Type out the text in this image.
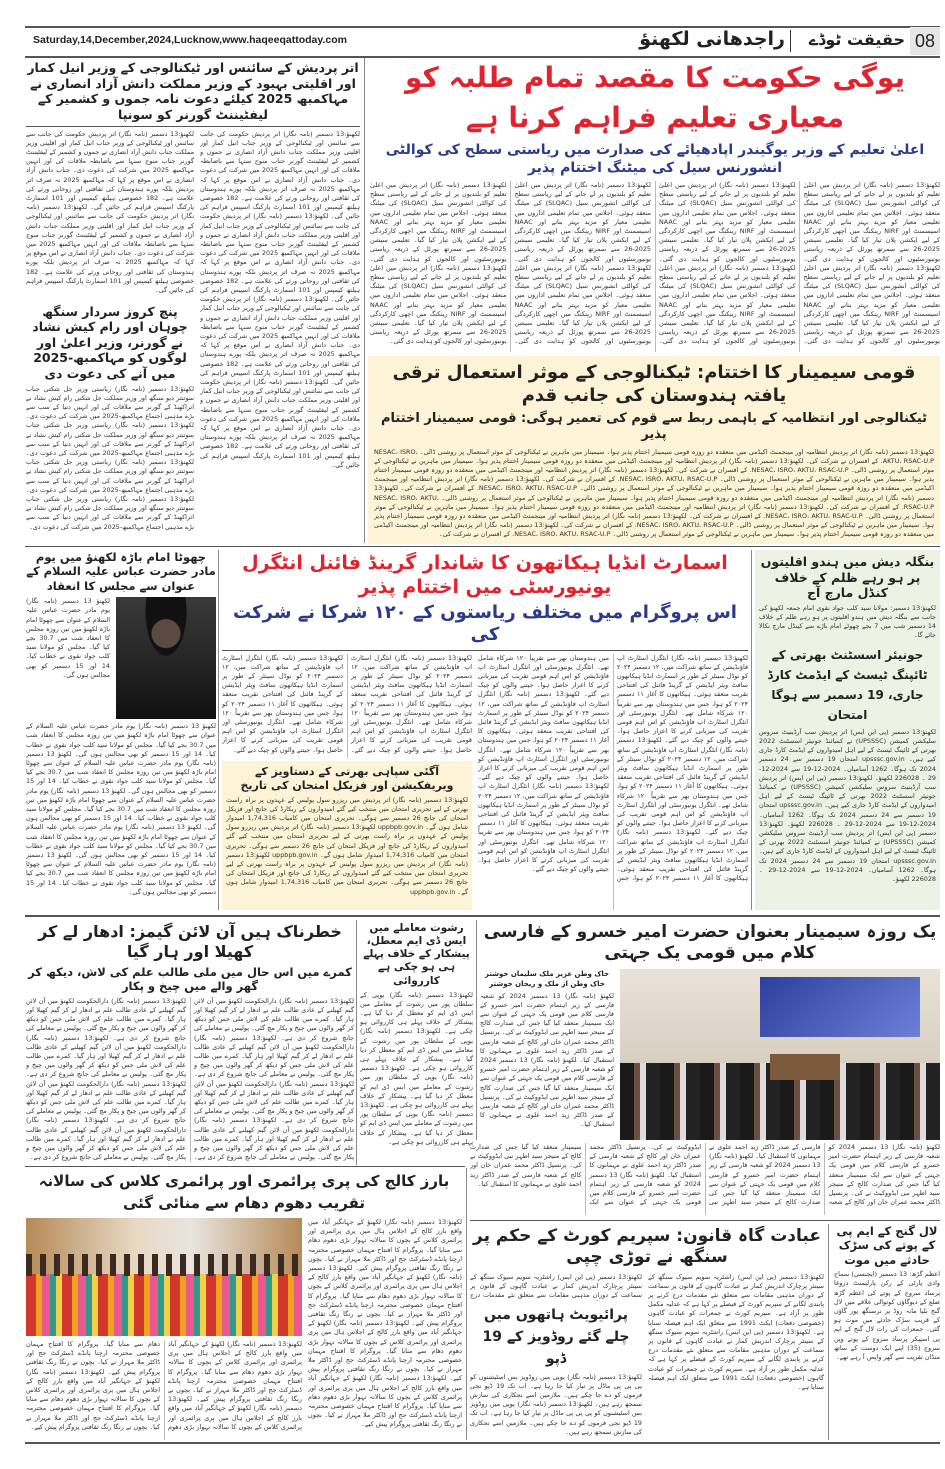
Saturday,14,December,2024,Lucknow,www.haqeeqattoday.com	راجدھانی لکھنؤ	حقیقت ٹوڈے 08
اتر پردیش کے سائنس اور ٹیکنالوجی کے وزیر انیل کمار اور اقلیتی بہبود کے وزیر مملکت دانش آزاد انصاری نے مہاکمبھ 2025 کیلئے دعوت نامہ جموں و کشمیر کے لیفٹیننٹ گورنر کو سونپا
لکھنؤ:13 دسمبر (نامہ نگار) اتر پردیش حکومت کی جانب سے سائنس اور ٹیکنالوجی کے وزیر جناب انیل کمار اور اقلیتی وزیر مملکت جناب دانش آزاد انصاری نے جموں و کشمیر کے لیفٹیننٹ گورنر جناب منوج سنہا سے باضابطہ ملاقات کی اور انہیں مہاکمبھ 2025 میں شرکت کی دعوت دی۔ جناب دانش آزاد انصاری نے اس موقع پر کہا کہ مہاکمبھ 2025 نہ صرف اتر پردیش بلکہ پورے ہندوستان کی ثقافتی اور روحانی ورثے کی علامت ہے۔ 182 خصوصی ہیلتھ کیمپس اور 101 اسمارٹ پارکنگ اسپیس فراہم کی جائیں گی۔ لکھنؤ:13 دسمبر (نامہ نگار) اتر پردیش حکومت کی جانب سے سائنس اور ٹیکنالوجی کے وزیر جناب انیل کمار اور اقلیتی وزیر مملکت جناب دانش آزاد انصاری نے جموں و کشمیر کے لیفٹیننٹ گورنر جناب منوج سنہا سے باضابطہ ملاقات کی اور انہیں مہاکمبھ 2025 میں شرکت کی دعوت دی۔ جناب دانش آزاد انصاری نے اس موقع پر کہا کہ مہاکمبھ 2025 نہ صرف اتر پردیش بلکہ پورے ہندوستان کی ثقافتی اور روحانی ورثے کی علامت ہے۔ 182 خصوصی ہیلتھ کیمپس اور 101 اسمارٹ پارکنگ اسپیس فراہم کی جائیں گی۔ لکھنؤ:13 دسمبر (نامہ نگار) اتر پردیش حکومت کی جانب سے سائنس اور ٹیکنالوجی کے وزیر جناب انیل کمار اور اقلیتی وزیر مملکت جناب دانش آزاد انصاری نے جموں و کشمیر کے لیفٹیننٹ گورنر جناب منوج سنہا سے باضابطہ ملاقات کی اور انہیں مہاکمبھ 2025 میں شرکت کی دعوت دی۔ جناب دانش آزاد انصاری نے اس موقع پر کہا کہ مہاکمبھ 2025 نہ صرف اتر پردیش بلکہ پورے ہندوستان کی ثقافتی اور روحانی ورثے کی علامت ہے۔ 182 خصوصی ہیلتھ کیمپس اور 101 اسمارٹ پارکنگ اسپیس فراہم کی جائیں گی۔ لکھنؤ:13 دسمبر (نامہ نگار) اتر پردیش حکومت کی جانب سے سائنس اور ٹیکنالوجی کے وزیر جناب انیل کمار اور اقلیتی وزیر مملکت جناب دانش آزاد انصاری نے جموں و کشمیر کے لیفٹیننٹ گورنر جناب منوج سنہا سے باضابطہ ملاقات کی اور انہیں مہاکمبھ 2025 میں شرکت کی دعوت دی۔ جناب دانش آزاد انصاری نے اس موقع پر کہا کہ مہاکمبھ 2025 نہ صرف اتر پردیش بلکہ پورے ہندوستان کی ثقافتی اور روحانی ورثے کی علامت ہے۔ 182 خصوصی ہیلتھ کیمپس اور 101 اسمارٹ پارکنگ اسپیس فراہم کی جائیں گی۔
لکھنؤ:13 دسمبر (نامہ نگار) اتر پردیش حکومت کی جانب سے سائنس اور ٹیکنالوجی کے وزیر جناب انیل کمار اور اقلیتی وزیر مملکت جناب دانش آزاد انصاری نے جموں و کشمیر کے لیفٹیننٹ گورنر جناب منوج سنہا سے باضابطہ ملاقات کی اور انہیں مہاکمبھ 2025 میں شرکت کی دعوت دی۔ جناب دانش آزاد انصاری نے اس موقع پر کہا کہ مہاکمبھ 2025 نہ صرف اتر پردیش بلکہ پورے ہندوستان کی ثقافتی اور روحانی ورثے کی علامت ہے۔ 182 خصوصی ہیلتھ کیمپس اور 101 اسمارٹ پارکنگ اسپیس فراہم کی جائیں گی۔ لکھنؤ:13 دسمبر (نامہ نگار) اتر پردیش حکومت کی جانب سے سائنس اور ٹیکنالوجی کے وزیر جناب انیل کمار اور اقلیتی وزیر مملکت جناب دانش آزاد انصاری نے جموں و کشمیر کے لیفٹیننٹ گورنر جناب منوج سنہا سے باضابطہ ملاقات کی اور انہیں مہاکمبھ 2025 میں شرکت کی دعوت دی۔ جناب دانش آزاد انصاری نے اس موقع پر کہا کہ مہاکمبھ 2025 نہ صرف اتر پردیش بلکہ پورے ہندوستان کی ثقافتی اور روحانی ورثے کی علامت ہے۔ 182 خصوصی ہیلتھ کیمپس اور 101 اسمارٹ پارکنگ اسپیس فراہم کی جائیں گی۔
پنچ کروز سردار سنگھ چوہان اور رام کیش نشاد نے گورنر، وزیر اعلیٰ اور لوگوں کو مہاکمبھ-2025 میں آنے کی دعوت دی
لکھنؤ:13 دسمبر (نامہ نگار) ریاستی وزیر جل شکتی جناب سوتنتر دیو سنگھ اور وزیر مملکت جل شکتی رام کیش نشاد نے اتراکھنڈ کے گورنر سے ملاقات کی اور انہیں دنیا کے سب سے بڑے مذہبی اجتماع مہاکمبھ-2025 میں شرکت کی دعوت دی۔ لکھنؤ:13 دسمبر (نامہ نگار) ریاستی وزیر جل شکتی جناب سوتنتر دیو سنگھ اور وزیر مملکت جل شکتی رام کیش نشاد نے اتراکھنڈ کے گورنر سے ملاقات کی اور انہیں دنیا کے سب سے بڑے مذہبی اجتماع مہاکمبھ-2025 میں شرکت کی دعوت دی۔ لکھنؤ:13 دسمبر (نامہ نگار) ریاستی وزیر جل شکتی جناب سوتنتر دیو سنگھ اور وزیر مملکت جل شکتی رام کیش نشاد نے اتراکھنڈ کے گورنر سے ملاقات کی اور انہیں دنیا کے سب سے بڑے مذہبی اجتماع مہاکمبھ-2025 میں شرکت کی دعوت دی۔ لکھنؤ:13 دسمبر (نامہ نگار) ریاستی وزیر جل شکتی جناب سوتنتر دیو سنگھ اور وزیر مملکت جل شکتی رام کیش نشاد نے اتراکھنڈ کے گورنر سے ملاقات کی اور انہیں دنیا کے سب سے بڑے مذہبی اجتماع مہاکمبھ-2025 میں شرکت کی دعوت دی۔
یوگی حکومت کا مقصد تمام طلبہ کو معیاری تعلیم فراہم کرنا ہے
اعلیٰ تعلیم کے وزیر یوگیندر اپادھیائے کی صدارت میں ریاستی سطح کی کوالٹی انشورنس سیل کی میٹنگ اختتام پذیر
لکھنؤ:13 دسمبر (نامہ نگار) اتر پردیش میں اعلیٰ تعلیم کو بلندیوں پر لے جانے کے لیے ریاستی سطح کی کوالٹی انشورنس سیل (SLQAC) کی میٹنگ منعقد ہوئی۔ اجلاس میں تمام تعلیمی اداروں میں تعلیمی معیار کو مزید بہتر بنانے اور NAAC اسیسمنٹ اور NIRF رینکنگ میں اچھی کارکردگی کے لیے ایکشن پلان تیار کیا گیا۔ تعلیمی سیشن 2025-26 سے سمرتھ پورٹل کے ذریعہ ریاستی یونیورسٹیوں اور کالجوں کو ہدایت دی گئی۔ لکھنؤ:13 دسمبر (نامہ نگار) اتر پردیش میں اعلیٰ تعلیم کو بلندیوں پر لے جانے کے لیے ریاستی سطح کی کوالٹی انشورنس سیل (SLQAC) کی میٹنگ منعقد ہوئی۔ اجلاس میں تمام تعلیمی اداروں میں تعلیمی معیار کو مزید بہتر بنانے اور NAAC اسیسمنٹ اور NIRF رینکنگ میں اچھی کارکردگی کے لیے ایکشن پلان تیار کیا گیا۔ تعلیمی سیشن 2025-26 سے سمرتھ پورٹل کے ذریعہ ریاستی یونیورسٹیوں اور کالجوں کو ہدایت دی گئی۔ لکھنؤ:13 دسمبر (نامہ نگار) اتر پردیش میں اعلیٰ تعلیم کو بلندیوں پر لے جانے کے لیے ریاستی سطح کی کوالٹی انشورنس سیل (SLQAC) کی میٹنگ منعقد ہوئی۔ اجلاس میں تمام تعلیمی اداروں میں تعلیمی معیار کو مزید بہتر بنانے اور NAAC اسیسمنٹ اور NIRF رینکنگ میں اچھی کارکردگی کے لیے ایکشن پلان تیار کیا گیا۔ تعلیمی سیشن 2025-26 سے سمرتھ پورٹل کے ذریعہ ریاستی یونیورسٹیوں اور کالجوں کو ہدایت دی گئی۔ لکھنؤ:13 دسمبر (نامہ نگار) اتر پردیش میں اعلیٰ تعلیم کو بلندیوں پر لے جانے کے لیے ریاستی سطح کی کوالٹی انشورنس سیل (SLQAC) کی میٹنگ منعقد ہوئی۔ اجلاس میں تمام تعلیمی اداروں میں تعلیمی معیار کو مزید بہتر بنانے اور NAAC اسیسمنٹ اور NIRF رینکنگ میں اچھی کارکردگی کے لیے ایکشن پلان تیار کیا گیا۔ تعلیمی سیشن 2025-26 سے سمرتھ پورٹل کے ذریعہ ریاستی یونیورسٹیوں اور کالجوں کو ہدایت دی گئی۔ لکھنؤ:13 دسمبر (نامہ نگار) اتر پردیش میں اعلیٰ تعلیم کو بلندیوں پر لے جانے کے لیے ریاستی سطح کی کوالٹی انشورنس سیل (SLQAC) کی میٹنگ منعقد ہوئی۔ اجلاس میں تمام تعلیمی اداروں میں تعلیمی معیار کو مزید بہتر بنانے اور NAAC اسیسمنٹ اور NIRF رینکنگ میں اچھی کارکردگی کے لیے ایکشن پلان تیار کیا گیا۔ تعلیمی سیشن 2025-26 سے سمرتھ پورٹل کے ذریعہ ریاستی یونیورسٹیوں اور کالجوں کو ہدایت دی گئی۔ لکھنؤ:13 دسمبر (نامہ نگار) اتر پردیش میں اعلیٰ تعلیم کو بلندیوں پر لے جانے کے لیے ریاستی سطح کی کوالٹی انشورنس سیل (SLQAC) کی میٹنگ منعقد ہوئی۔ اجلاس میں تمام تعلیمی اداروں میں تعلیمی معیار کو مزید بہتر بنانے اور NAAC اسیسمنٹ اور NIRF رینکنگ میں اچھی کارکردگی کے لیے ایکشن پلان تیار کیا گیا۔ تعلیمی سیشن 2025-26 سے سمرتھ پورٹل کے ذریعہ ریاستی یونیورسٹیوں اور کالجوں کو ہدایت دی گئی۔ لکھنؤ:13 دسمبر (نامہ نگار) اتر پردیش میں اعلیٰ تعلیم کو بلندیوں پر لے جانے کے لیے ریاستی سطح کی کوالٹی انشورنس سیل (SLQAC) کی میٹنگ منعقد ہوئی۔ اجلاس میں تمام تعلیمی اداروں میں تعلیمی معیار کو مزید بہتر بنانے اور NAAC اسیسمنٹ اور NIRF رینکنگ میں اچھی کارکردگی کے لیے ایکشن پلان تیار کیا گیا۔ تعلیمی سیشن 2025-26 سے سمرتھ پورٹل کے ذریعہ ریاستی یونیورسٹیوں اور کالجوں کو ہدایت دی گئی۔ لکھنؤ:13 دسمبر (نامہ نگار) اتر پردیش میں اعلیٰ تعلیم کو بلندیوں پر لے جانے کے لیے ریاستی سطح کی کوالٹی انشورنس سیل (SLQAC) کی میٹنگ منعقد ہوئی۔ اجلاس میں تمام تعلیمی اداروں میں تعلیمی معیار کو مزید بہتر بنانے اور NAAC اسیسمنٹ اور NIRF رینکنگ میں اچھی کارکردگی کے لیے ایکشن پلان تیار کیا گیا۔ تعلیمی سیشن 2025-26 سے سمرتھ پورٹل کے ذریعہ ریاستی یونیورسٹیوں اور کالجوں کو ہدایت دی گئی۔
قومی سیمینار کا اختتام: ٹیکنالوجی کے موثر استعمال ترقی یافتہ ہندوستان کی جانب قدم
ٹیکنالوجی اور انتظامیہ کے باہمی ربط سے قوم کی تعمیر ہوگی: قومی سیمینار اختتام پذیر
لکھنؤ:13 دسمبر (نامہ نگار) اتر پردیش انتظامیہ اور مینجمنٹ اکیڈمی میں منعقدہ دو روزہ قومی سیمینار اختتام پذیر ہوا۔ سیمینار میں ماہرین نے ٹیکنالوجی کے موثر استعمال پر روشنی ڈالی۔ NESAC، ISRO، AKTU، RSAC-U.P. کے افسران نے شرکت کی۔ لکھنؤ:13 دسمبر (نامہ نگار) اتر پردیش انتظامیہ اور مینجمنٹ اکیڈمی میں منعقدہ دو روزہ قومی سیمینار اختتام پذیر ہوا۔ سیمینار میں ماہرین نے ٹیکنالوجی کے موثر استعمال پر روشنی ڈالی۔ NESAC، ISRO، AKTU، RSAC-U.P. کے افسران نے شرکت کی۔ لکھنؤ:13 دسمبر (نامہ نگار) اتر پردیش انتظامیہ اور مینجمنٹ اکیڈمی میں منعقدہ دو روزہ قومی سیمینار اختتام پذیر ہوا۔ سیمینار میں ماہرین نے ٹیکنالوجی کے موثر استعمال پر روشنی ڈالی۔ NESAC، ISRO، AKTU، RSAC-U.P. کے افسران نے شرکت کی۔ لکھنؤ:13 دسمبر (نامہ نگار) اتر پردیش انتظامیہ اور مینجمنٹ اکیڈمی میں منعقدہ دو روزہ قومی سیمینار اختتام پذیر ہوا۔ سیمینار میں ماہرین نے ٹیکنالوجی کے موثر استعمال پر روشنی ڈالی۔ NESAC، ISRO، AKTU، RSAC-U.P. کے افسران نے شرکت کی۔ لکھنؤ:13 دسمبر (نامہ نگار) اتر پردیش انتظامیہ اور مینجمنٹ اکیڈمی میں منعقدہ دو روزہ قومی سیمینار اختتام پذیر ہوا۔ سیمینار میں ماہرین نے ٹیکنالوجی کے موثر استعمال پر روشنی ڈالی۔ NESAC، ISRO، AKTU، RSAC-U.P. کے افسران نے شرکت کی۔ لکھنؤ:13 دسمبر (نامہ نگار) اتر پردیش انتظامیہ اور مینجمنٹ اکیڈمی میں منعقدہ دو روزہ قومی سیمینار اختتام پذیر ہوا۔ سیمینار میں ماہرین نے ٹیکنالوجی کے موثر استعمال پر روشنی ڈالی۔ NESAC، ISRO، AKTU، RSAC-U.P. کے افسران نے شرکت کی۔ لکھنؤ:13 دسمبر (نامہ نگار) اتر پردیش انتظامیہ اور مینجمنٹ اکیڈمی میں منعقدہ دو روزہ قومی سیمینار اختتام پذیر ہوا۔ سیمینار میں ماہرین نے ٹیکنالوجی کے موثر استعمال پر روشنی ڈالی۔ NESAC، ISRO، AKTU، RSAC-U.P. کے افسران نے شرکت کی۔ لکھنؤ:13 دسمبر (نامہ نگار) اتر پردیش انتظامیہ اور مینجمنٹ اکیڈمی میں منعقدہ دو روزہ قومی سیمینار اختتام پذیر ہوا۔ سیمینار میں ماہرین نے ٹیکنالوجی کے موثر استعمال پر روشنی ڈالی۔ NESAC، ISRO، AKTU، RSAC-U.P. کے افسران نے شرکت کی۔
بنگلہ دیش میں ہندو اقلیتوں پر ہو رہے ظلم کے خلاف کنڈل مارچ آج
لکھنؤ:13 دسمبر: مولانا سید کلب جواد نقوی امام جمعہ لکھنؤ کی جانب سے بنگلہ دیش میں ہندو اقلیتوں پر ہو رہے ظلم کے خلاف 14 دسمبر شب میں 7 بجے چھوٹے امام باڑے سے کینڈل مارچ نکالا جائے گا۔
جونیئر اسسٹنٹ بھرتی کے ٹائپنگ ٹیسٹ کے ایڈمٹ کارڈ جاری، 19 دسمبر سے ہوگا امتحان
لکھنؤ:13 دسمبر (پی این ایس) اتر پردیش سب آرڈینیٹ سروس سلیکشن کمیشن (UPSSSC) نے کمبائنڈ جونیئر اسسٹنٹ 2022 بھرتی کے ٹائپنگ ٹیسٹ کے لیے اہل امیدواروں کے ایڈمٹ کارڈ جاری کیے ہیں۔ upsssc.gov.in امتحان 19 دسمبر سے 24 دسمبر 2024 تک ہوگا۔ 1262 آسامیاں۔ 2024-12-19 سے 2024-12-29 ۔ 226028 لکھنؤ۔ لکھنؤ:13 دسمبر (پی این ایس) اتر پردیش سب آرڈینیٹ سروس سلیکشن کمیشن (UPSSSC) نے کمبائنڈ جونیئر اسسٹنٹ 2022 بھرتی کے ٹائپنگ ٹیسٹ کے لیے اہل امیدواروں کے ایڈمٹ کارڈ جاری کیے ہیں۔ upsssc.gov.in امتحان 19 دسمبر سے 24 دسمبر 2024 تک ہوگا۔ 1262 آسامیاں۔ 2024-12-19 سے 2024-12-29 ۔ 226028 لکھنؤ۔ لکھنؤ:13 دسمبر (پی این ایس) اتر پردیش سب آرڈینیٹ سروس سلیکشن کمیشن (UPSSSC) نے کمبائنڈ جونیئر اسسٹنٹ 2022 بھرتی کے ٹائپنگ ٹیسٹ کے لیے اہل امیدواروں کے ایڈمٹ کارڈ جاری کیے ہیں۔ upsssc.gov.in امتحان 19 دسمبر سے 24 دسمبر 2024 تک ہوگا۔ 1262 آسامیاں۔ 2024-12-19 سے 2024-12-29 ۔ 226028 لکھنؤ۔
چھوٹا امام باڑہ لکھنؤ میں یوم مادر حضرت عباس علیہ السلام کے عنوان سے مجلس کا انعقاد
لکھنؤ 13 دسمبر (نامہ نگار) یوم مادر حضرت عباس علیہ السلام کے عنوان سے چھوٹا امام باڑہ لکھنؤ میں تین روزہ مجلس کا انعقاد شب میں 30.7 بجے کیا گیا۔ مجلس کو مولانا سید کلب جواد نقوی نے خطاب کیا۔ 14 اور 15 دسمبر کو بھی مجالس ہوں گی۔
لکھنؤ 13 دسمبر (نامہ نگار) یوم مادر حضرت عباس علیہ السلام کے عنوان سے چھوٹا امام باڑہ لکھنؤ میں تین روزہ مجلس کا انعقاد شب میں 30.7 بجے کیا گیا۔ مجلس کو مولانا سید کلب جواد نقوی نے خطاب کیا۔ 14 اور 15 دسمبر کو بھی مجالس ہوں گی۔ لکھنؤ 13 دسمبر (نامہ نگار) یوم مادر حضرت عباس علیہ السلام کے عنوان سے چھوٹا امام باڑہ لکھنؤ میں تین روزہ مجلس کا انعقاد شب میں 30.7 بجے کیا گیا۔ مجلس کو مولانا سید کلب جواد نقوی نے خطاب کیا۔ 14 اور 15 دسمبر کو بھی مجالس ہوں گی۔ لکھنؤ 13 دسمبر (نامہ نگار) یوم مادر حضرت عباس علیہ السلام کے عنوان سے چھوٹا امام باڑہ لکھنؤ میں تین روزہ مجلس کا انعقاد شب میں 30.7 بجے کیا گیا۔ مجلس کو مولانا سید کلب جواد نقوی نے خطاب کیا۔ 14 اور 15 دسمبر کو بھی مجالس ہوں گی۔ لکھنؤ 13 دسمبر (نامہ نگار) یوم مادر حضرت عباس علیہ السلام کے عنوان سے چھوٹا امام باڑہ لکھنؤ میں تین روزہ مجلس کا انعقاد شب میں 30.7 بجے کیا گیا۔ مجلس کو مولانا سید کلب جواد نقوی نے خطاب کیا۔ 14 اور 15 دسمبر کو بھی مجالس ہوں گی۔ لکھنؤ 13 دسمبر (نامہ نگار) یوم مادر حضرت عباس علیہ السلام کے عنوان سے چھوٹا امام باڑہ لکھنؤ میں تین روزہ مجلس کا انعقاد شب میں 30.7 بجے کیا گیا۔ مجلس کو مولانا سید کلب جواد نقوی نے خطاب کیا۔ 14 اور 15 دسمبر کو بھی مجالس ہوں گی۔
اسمارٹ انڈیا ہیکاتھون کا شاندار گرینڈ فائنل انٹگرل یونیورسٹی میں اختتام پذیر
اس پروگرام میں مختلف ریاستوں کے ۱۲۰ شرکا نے شرکت کی
لکھنؤ:13 دسمبر (نامہ نگار) انٹگرل اسٹارٹ اپ فاؤنڈیشن کے ساتھ شراکت میں، ۱۲ دسمبر ۲۰۲۴ کو نوڈل سینٹر کے طور پر اسمارٹ انڈیا ہیکاتھون سافٹ ویئر ایڈیشن کے گرینڈ فائنل کی افتتاحی تقریب منعقد ہوئی۔ ہیکاتھون کا آغاز ۱۱ دسمبر ۲۰۲۴ کو ہوا، جس میں ہندوستان بھر سے تقریباً ۱۲۰ شرکاء شامل تھے۔ انٹگرل یونیورسٹی اور انٹگرل اسٹارٹ اپ فاؤنڈیشن کو اس اہم قومی تقریب کی میزبانی کرنے کا اعزاز حاصل ہوا۔ جیتنے والوں کو چیک دیے گئے۔ لکھنؤ:13 دسمبر (نامہ نگار) انٹگرل اسٹارٹ اپ فاؤنڈیشن کے ساتھ شراکت میں، ۱۲ دسمبر ۲۰۲۴ کو نوڈل سینٹر کے طور پر اسمارٹ انڈیا ہیکاتھون سافٹ ویئر ایڈیشن کے گرینڈ فائنل کی افتتاحی تقریب منعقد ہوئی۔ ہیکاتھون کا آغاز ۱۱ دسمبر ۲۰۲۴ کو ہوا، جس میں ہندوستان بھر سے تقریباً ۱۲۰ شرکاء شامل تھے۔ انٹگرل یونیورسٹی اور انٹگرل اسٹارٹ اپ فاؤنڈیشن کو اس اہم قومی تقریب کی میزبانی کرنے کا اعزاز حاصل ہوا۔ جیتنے والوں کو چیک دیے گئے۔ لکھنؤ:13 دسمبر (نامہ نگار) انٹگرل اسٹارٹ اپ فاؤنڈیشن کے ساتھ شراکت میں، ۱۲ دسمبر ۲۰۲۴ کو نوڈل سینٹر کے طور پر اسمارٹ انڈیا ہیکاتھون سافٹ ویئر ایڈیشن کے گرینڈ فائنل کی افتتاحی تقریب منعقد ہوئی۔ ہیکاتھون کا آغاز ۱۱ دسمبر ۲۰۲۴ کو ہوا، جس میں ہندوستان بھر سے تقریباً ۱۲۰ شرکاء شامل تھے۔ انٹگرل یونیورسٹی اور انٹگرل اسٹارٹ اپ فاؤنڈیشن کو اس اہم قومی تقریب کی میزبانی کرنے کا اعزاز حاصل ہوا۔ جیتنے والوں کو چیک دیے گئے۔ لکھنؤ:13 دسمبر (نامہ نگار) انٹگرل اسٹارٹ اپ فاؤنڈیشن کے ساتھ شراکت میں، ۱۲ دسمبر ۲۰۲۴ کو نوڈل سینٹر کے طور پر اسمارٹ انڈیا ہیکاتھون سافٹ ویئر ایڈیشن کے گرینڈ فائنل کی افتتاحی تقریب منعقد ہوئی۔ ہیکاتھون کا آغاز ۱۱ دسمبر ۲۰۲۴ کو ہوا، جس میں ہندوستان بھر سے تقریباً ۱۲۰ شرکاء شامل تھے۔ انٹگرل یونیورسٹی اور انٹگرل اسٹارٹ اپ فاؤنڈیشن کو اس اہم قومی تقریب کی میزبانی کرنے کا اعزاز حاصل ہوا۔ جیتنے والوں کو چیک دیے گئے۔ لکھنؤ:13 دسمبر (نامہ نگار) انٹگرل اسٹارٹ اپ فاؤنڈیشن کے ساتھ شراکت میں، ۱۲ دسمبر ۲۰۲۴ کو نوڈل سینٹر کے طور پر اسمارٹ انڈیا ہیکاتھون سافٹ ویئر ایڈیشن کے گرینڈ فائنل کی افتتاحی تقریب منعقد ہوئی۔ ہیکاتھون کا آغاز ۱۱ دسمبر ۲۰۲۴ کو ہوا، جس میں ہندوستان بھر سے تقریباً ۱۲۰ شرکاء شامل تھے۔ انٹگرل یونیورسٹی اور انٹگرل اسٹارٹ اپ فاؤنڈیشن کو اس اہم قومی تقریب کی میزبانی کرنے کا اعزاز حاصل ہوا۔ جیتنے والوں کو چیک دیے گئے۔
لکھنؤ:13 دسمبر (نامہ نگار) انٹگرل اسٹارٹ اپ فاؤنڈیشن کے ساتھ شراکت میں، ۱۲ دسمبر ۲۰۲۴ کو نوڈل سینٹر کے طور پر اسمارٹ انڈیا ہیکاتھون سافٹ ویئر ایڈیشن کے گرینڈ فائنل کی افتتاحی تقریب منعقد ہوئی۔ ہیکاتھون کا آغاز ۱۱ دسمبر ۲۰۲۴ کو ہوا، جس میں ہندوستان بھر سے تقریباً ۱۲۰ شرکاء شامل تھے۔ انٹگرل یونیورسٹی اور انٹگرل اسٹارٹ اپ فاؤنڈیشن کو اس اہم قومی تقریب کی میزبانی کرنے کا اعزاز حاصل ہوا۔ جیتنے والوں کو چیک دیے گئے۔ لکھنؤ:13 دسمبر (نامہ نگار) انٹگرل اسٹارٹ اپ فاؤنڈیشن کے ساتھ شراکت میں، ۱۲ دسمبر ۲۰۲۴ کو نوڈل سینٹر کے طور پر اسمارٹ انڈیا ہیکاتھون سافٹ ویئر ایڈیشن کے گرینڈ فائنل کی افتتاحی تقریب منعقد ہوئی۔ ہیکاتھون کا آغاز ۱۱ دسمبر ۲۰۲۴ کو ہوا، جس میں ہندوستان بھر سے تقریباً ۱۲۰ شرکاء شامل تھے۔ انٹگرل یونیورسٹی اور انٹگرل اسٹارٹ اپ فاؤنڈیشن کو اس اہم قومی تقریب کی میزبانی کرنے کا اعزاز حاصل ہوا۔ جیتنے والوں کو چیک دیے گئے۔
آگئی سپاہی بھرتی کے دستاویز کے ویریفکیشن اور فزیکل امتحان کی تاریخ
لکھنؤ:13 دسمبر (نامہ نگار) اتر پردیش میں ریزرو سول پولیس کے عہدوں پر براہ راست بھرتی کے لیے تحریری امتحان میں منتخب کیے گئے امیدواروں کے ریکارڈ کی جانچ اور فزیکل امتحان کی جانچ 26 دسمبر سے ہوگی۔ تحریری امتحان میں کامیاب 1,74,316 امیدوار شامل ہوں گے۔ uppbpb.gov.in لکھنؤ:13 دسمبر (نامہ نگار) اتر پردیش میں ریزرو سول پولیس کے عہدوں پر براہ راست بھرتی کے لیے تحریری امتحان میں منتخب کیے گئے امیدواروں کے ریکارڈ کی جانچ اور فزیکل امتحان کی جانچ 26 دسمبر سے ہوگی۔ تحریری امتحان میں کامیاب 1,74,316 امیدوار شامل ہوں گے۔ uppbpb.gov.in لکھنؤ:13 دسمبر (نامہ نگار) اتر پردیش میں ریزرو سول پولیس کے عہدوں پر براہ راست بھرتی کے لیے تحریری امتحان میں منتخب کیے گئے امیدواروں کے ریکارڈ کی جانچ اور فزیکل امتحان کی جانچ 26 دسمبر سے ہوگی۔ تحریری امتحان میں کامیاب 1,74,316 امیدوار شامل ہوں گے۔ uppbpb.gov.in
یک روزہ سیمینار بعنوان حضرت امیر خسرو کے فارسی کلام میں قومی یک جہتی
خاک وطن عزیز ملک سلیمان خوشتر
خاک وطن از ملک و ریحان خوشتر
لکھنؤ (نامہ نگار) 13 دسمبر 2024 کو شعبہ فارسی کے زیر اہتمام حضرت امیر خسرو کے فارسی کلام میں قومی یک جہتی کے عنوان سے ایک سیمینار منعقد کیا گیا جس کی صدارت کالج کے منیجر سید اطہر نبی ایڈووکیٹ نے کی۔ پرنسپل ڈاکٹر محمد عمران خان اور کالج کے شعبہ فارسی کے صدر ڈاکٹر زید احمد علوی نے مہمانوں کا استقبال کیا۔ لکھنؤ (نامہ نگار) 13 دسمبر 2024 کو شعبہ فارسی کے زیر اہتمام حضرت امیر خسرو کے فارسی کلام میں قومی یک جہتی کے عنوان سے ایک سیمینار منعقد کیا گیا جس کی صدارت کالج کے منیجر سید اطہر نبی ایڈووکیٹ نے کی۔ پرنسپل ڈاکٹر محمد عمران خان اور کالج کے شعبہ فارسی کے صدر ڈاکٹر زید احمد علوی نے مہمانوں کا استقبال کیا۔
لکھنؤ (نامہ نگار) 13 دسمبر 2024 کو شعبہ فارسی کے زیر اہتمام حضرت امیر خسرو کے فارسی کلام میں قومی یک جہتی کے عنوان سے ایک سیمینار منعقد کیا گیا جس کی صدارت کالج کے منیجر سید اطہر نبی ایڈووکیٹ نے کی۔ پرنسپل ڈاکٹر محمد عمران خان اور کالج کے شعبہ فارسی کے صدر ڈاکٹر زید احمد علوی نے مہمانوں کا استقبال کیا۔ لکھنؤ (نامہ نگار) 13 دسمبر 2024 کو شعبہ فارسی کے زیر اہتمام حضرت امیر خسرو کے فارسی کلام میں قومی یک جہتی کے عنوان سے ایک سیمینار منعقد کیا گیا جس کی صدارت کالج کے منیجر سید اطہر نبی ایڈووکیٹ نے کی۔ پرنسپل ڈاکٹر محمد عمران خان اور کالج کے شعبہ فارسی کے صدر ڈاکٹر زید احمد علوی نے مہمانوں کا استقبال کیا۔ لکھنؤ (نامہ نگار) 13 دسمبر 2024 کو شعبہ فارسی کے زیر اہتمام حضرت امیر خسرو کے فارسی کلام میں قومی یک جہتی کے عنوان سے ایک سیمینار منعقد کیا گیا جس کی صدارت کالج کے منیجر سید اطہر نبی ایڈووکیٹ نے کی۔ پرنسپل ڈاکٹر محمد عمران خان اور کالج کے شعبہ فارسی کے صدر ڈاکٹر زید احمد علوی نے مہمانوں کا استقبال کیا۔
رشوت معاملے میں ایس ڈی ایم معطل، پیشکار کے خلاف پہلے ہی ہو چکی ہے کارروائی
لکھنؤ:13 دسمبر (نامہ نگار) یوپی کے سلطان پور میں رشوت کے معاملے میں ایس ڈی ایم کو معطل کر دیا گیا ہے۔ پیشکار کے خلاف پہلے ہی کارروائی ہو چکی ہے۔ لکھنؤ:13 دسمبر (نامہ نگار) یوپی کے سلطان پور میں رشوت کے معاملے میں ایس ڈی ایم کو معطل کر دیا گیا ہے۔ پیشکار کے خلاف پہلے ہی کارروائی ہو چکی ہے۔ لکھنؤ:13 دسمبر (نامہ نگار) یوپی کے سلطان پور میں رشوت کے معاملے میں ایس ڈی ایم کو معطل کر دیا گیا ہے۔ پیشکار کے خلاف پہلے ہی کارروائی ہو چکی ہے۔ لکھنؤ:13 دسمبر (نامہ نگار) یوپی کے سلطان پور میں رشوت کے معاملے میں ایس ڈی ایم کو معطل کر دیا گیا ہے۔ پیشکار کے خلاف پہلے ہی کارروائی ہو چکی ہے۔
خطرناک ہیں آن لائن گیمز: ادھار لے کر کھیلا اور ہار گیا
کمرے میں اس حال میں ملی طالب علم کی لاش، دیکھ کر گھر والے میں چیخ و پکار
لکھنؤ:13 دسمبر (نامہ نگار) دارالحکومت لکھنؤ میں آن لائن گیم کھیلنے کے عادی طالب علم نے ادھار لے کر گیم کھیلا اور ہار گیا۔ کمرے میں طالب علم کی لاش ملی جس کو دیکھ کر گھر والوں میں چیخ و پکار مچ گئی۔ پولیس نے معاملے کی جانچ شروع کر دی ہے۔ لکھنؤ:13 دسمبر (نامہ نگار) دارالحکومت لکھنؤ میں آن لائن گیم کھیلنے کے عادی طالب علم نے ادھار لے کر گیم کھیلا اور ہار گیا۔ کمرے میں طالب علم کی لاش ملی جس کو دیکھ کر گھر والوں میں چیخ و پکار مچ گئی۔ پولیس نے معاملے کی جانچ شروع کر دی ہے۔ لکھنؤ:13 دسمبر (نامہ نگار) دارالحکومت لکھنؤ میں آن لائن گیم کھیلنے کے عادی طالب علم نے ادھار لے کر گیم کھیلا اور ہار گیا۔ کمرے میں طالب علم کی لاش ملی جس کو دیکھ کر گھر والوں میں چیخ و پکار مچ گئی۔ پولیس نے معاملے کی جانچ شروع کر دی ہے۔ لکھنؤ:13 دسمبر (نامہ نگار) دارالحکومت لکھنؤ میں آن لائن گیم کھیلنے کے عادی طالب علم نے ادھار لے کر گیم کھیلا اور ہار گیا۔ کمرے میں طالب علم کی لاش ملی جس کو دیکھ کر گھر والوں میں چیخ و پکار مچ گئی۔ پولیس نے معاملے کی جانچ شروع کر دی ہے۔ لکھنؤ:13 دسمبر (نامہ نگار) دارالحکومت لکھنؤ میں آن لائن گیم کھیلنے کے عادی طالب علم نے ادھار لے کر گیم کھیلا اور ہار گیا۔ کمرے میں طالب علم کی لاش ملی جس کو دیکھ کر گھر والوں میں چیخ و پکار مچ گئی۔ پولیس نے معاملے کی جانچ شروع کر دی ہے۔ لکھنؤ:13 دسمبر (نامہ نگار) دارالحکومت لکھنؤ میں آن لائن گیم کھیلنے کے عادی طالب علم نے ادھار لے کر گیم کھیلا اور ہار گیا۔ کمرے میں طالب علم کی لاش ملی جس کو دیکھ کر گھر والوں میں چیخ و پکار مچ گئی۔ پولیس نے معاملے کی جانچ شروع کر دی ہے۔ لکھنؤ:13 دسمبر (نامہ نگار) دارالحکومت لکھنؤ میں آن لائن گیم کھیلنے کے عادی طالب علم نے ادھار لے کر گیم کھیلا اور ہار گیا۔ کمرے میں طالب علم کی لاش ملی جس کو دیکھ کر گھر والوں میں چیخ و پکار مچ گئی۔ پولیس نے معاملے کی جانچ شروع کر دی ہے۔ لکھنؤ:13 دسمبر (نامہ نگار) دارالحکومت لکھنؤ میں آن لائن گیم کھیلنے کے عادی طالب علم نے ادھار لے کر گیم کھیلا اور ہار گیا۔ کمرے میں طالب علم کی لاش ملی جس کو دیکھ کر گھر والوں میں چیخ و پکار مچ گئی۔ پولیس نے معاملے کی جانچ شروع کر دی ہے۔
بارز کالج کی پری پرائمری اور پرائمری کلاس کی سالانہ تقریب دھوم دھام سے منائی گئی
لکھنؤ:13 دسمبر (نامہ نگار) لکھنؤ کے جہانگیر آباد میں واقع بارز کالج کے اجلاس ہال میں پری پرائمری اور پرائمری کلاس کے بچوں کا سالانہ تہوار بڑی دھوم دھام سے منایا گیا۔ پروگرام کا افتتاح مہمان خصوصی محترمہ ارچنا پانڈے ڈسٹرکٹ جج اور ڈاکٹر ملا مہراز نے کیا۔ بچوں نے رنگا رنگ ثقافتی پروگرام پیش کیے۔ لکھنؤ:13 دسمبر (نامہ نگار) لکھنؤ کے جہانگیر آباد میں واقع بارز کالج کے اجلاس ہال میں پری پرائمری اور پرائمری کلاس کے بچوں کا سالانہ تہوار بڑی دھوم دھام سے منایا گیا۔ پروگرام کا افتتاح مہمان خصوصی محترمہ ارچنا پانڈے ڈسٹرکٹ جج اور ڈاکٹر ملا مہراز نے کیا۔ بچوں نے رنگا رنگ ثقافتی پروگرام پیش کیے۔ لکھنؤ:13 دسمبر (نامہ نگار) لکھنؤ کے جہانگیر آباد میں واقع بارز کالج کے اجلاس ہال میں پری پرائمری اور پرائمری کلاس کے بچوں کا سالانہ تہوار بڑی دھوم دھام سے منایا گیا۔ پروگرام کا افتتاح مہمان خصوصی محترمہ ارچنا پانڈے ڈسٹرکٹ جج اور ڈاکٹر ملا مہراز نے کیا۔ بچوں نے رنگا رنگ ثقافتی پروگرام پیش کیے۔ لکھنؤ:13 دسمبر (نامہ نگار) لکھنؤ کے جہانگیر آباد میں واقع بارز کالج کے اجلاس ہال میں پری پرائمری اور پرائمری کلاس کے بچوں کا سالانہ تہوار بڑی دھوم دھام سے منایا گیا۔ پروگرام کا افتتاح مہمان خصوصی محترمہ ارچنا پانڈے ڈسٹرکٹ جج اور ڈاکٹر ملا مہراز نے کیا۔ بچوں نے رنگا رنگ ثقافتی پروگرام پیش کیے۔
لکھنؤ:13 دسمبر (نامہ نگار) لکھنؤ کے جہانگیر آباد میں واقع بارز کالج کے اجلاس ہال میں پری پرائمری اور پرائمری کلاس کے بچوں کا سالانہ تہوار بڑی دھوم دھام سے منایا گیا۔ پروگرام کا افتتاح مہمان خصوصی محترمہ ارچنا پانڈے ڈسٹرکٹ جج اور ڈاکٹر ملا مہراز نے کیا۔ بچوں نے رنگا رنگ ثقافتی پروگرام پیش کیے۔ لکھنؤ:13 دسمبر (نامہ نگار) لکھنؤ کے جہانگیر آباد میں واقع بارز کالج کے اجلاس ہال میں پری پرائمری اور پرائمری کلاس کے بچوں کا سالانہ تہوار بڑی دھوم دھام سے منایا گیا۔ پروگرام کا افتتاح مہمان خصوصی محترمہ ارچنا پانڈے ڈسٹرکٹ جج اور ڈاکٹر ملا مہراز نے کیا۔ بچوں نے رنگا رنگ ثقافتی پروگرام پیش کیے۔ لکھنؤ:13 دسمبر (نامہ نگار) لکھنؤ کے جہانگیر آباد میں واقع بارز کالج کے اجلاس ہال میں پری پرائمری اور پرائمری کلاس کے بچوں کا سالانہ تہوار بڑی دھوم دھام سے منایا گیا۔ پروگرام کا افتتاح مہمان خصوصی محترمہ ارچنا پانڈے ڈسٹرکٹ جج اور ڈاکٹر ملا مہراز نے کیا۔ بچوں نے رنگا رنگ ثقافتی پروگرام پیش کیے۔
لال گنج کے ایم پی کے پوتے کی سڑک حادثے میں موت
اعظم گڑھ: 13 دسمبر (ایجنسی) سماج وادی پارٹی کے رکن پارلیمنٹ دروغا پرساد سروج کے پوتے کی اعظم گڑھ ضلع کے دیوگاؤں کوتوالی علاقے میں لال گنج بلیا مانہ روڈ پر نرسنگھ پور گاؤں کے قریب سڑک حادثے میں موت ہو گئی۔ جمعرات کی رات لال گنج کے ایم پی اسپیکر پرساد سروج کے پوتے وپن سروج (35) اپنے ایک دوست کے ساتھ منڈان تقریب سے گھر واپس آ رہے تھے۔
عبادت گاہ قانون: سپریم کورٹ کے حکم پر سنگھ نے توڑی چپی
لکھنؤ:13 دسمبر (پی این ایس) راشٹریہ سویم سیوک سنگھ کے سینئر پرچارک اندریش کمار نے عبادت گاہوں کے قانون پر سماعت کے دوران مذہبی مقامات سے متعلق نئے مقدمات درج کرنے پر پابندی لگانے کے سپریم کورٹ کے فیصلے پر کہا ہے کہ عدلیہ مکمل طور پر آزاد ہے۔ سپریم کورٹ نے جمعرات کو عبادت گاہوں (خصوصی دفعات) ایکٹ 1991 سے متعلق ایک اہم فیصلہ سنایا ہے۔ لکھنؤ:13 دسمبر (پی این ایس) راشٹریہ سویم سیوک سنگھ کے سینئر پرچارک اندریش کمار نے عبادت گاہوں کے قانون پر سماعت کے دوران مذہبی مقامات سے متعلق نئے مقدمات درج کرنے پر پابندی لگانے کے سپریم کورٹ کے فیصلے پر کہا ہے کہ عدلیہ مکمل طور پر آزاد ہے۔ سپریم کورٹ نے جمعرات کو عبادت گاہوں (خصوصی دفعات) ایکٹ 1991 سے متعلق ایک اہم فیصلہ سنایا ہے۔
لکھنؤ:13 دسمبر (پی این ایس) راشٹریہ سویم سیوک سنگھ کے سینئر پرچارک اندریش کمار نے عبادت گاہوں کے قانون پر سماعت کے دوران مذہبی مقامات سے متعلق نئے مقدمات درج
پرائیویٹ ہاتھوں میں چلے گئے روڈویز کے 19 ڈپو
لکھنؤ:13 دسمبر (نامہ نگار) یوپی میں روڈویز بس اسٹیشنوں کو پی پی پی ماڈل پر تیار کیا جا رہا ہے۔ اب تک 19 ڈپو نجی فرموں کو دے جا چکے ہیں۔ ملازمین اسے نجکاری کی سازش سمجھ رہے ہیں۔ لکھنؤ:13 دسمبر (نامہ نگار) یوپی میں روڈویز بس اسٹیشنوں کو پی پی پی ماڈل پر تیار کیا جا رہا ہے۔ اب تک 19 ڈپو نجی فرموں کو دے جا چکے ہیں۔ ملازمین اسے نجکاری کی سازش سمجھ رہے ہیں۔
